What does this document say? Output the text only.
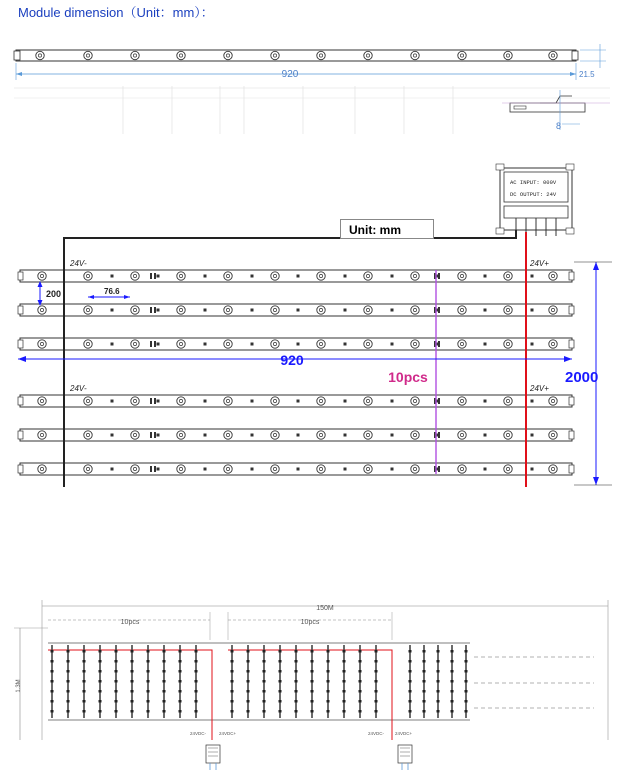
Module dimension（Unit：mm）：
920	21.5
8
AC INPUT: 000V
DC OUTPUT: 24V
200	76.6
920
10pcs	2000
24V-	24V+
24V-	24V+
150M
10pcs	10pcs
1.3M
24VDC-	24VDC+	24VDC- 24VDC+
Unit: mm
